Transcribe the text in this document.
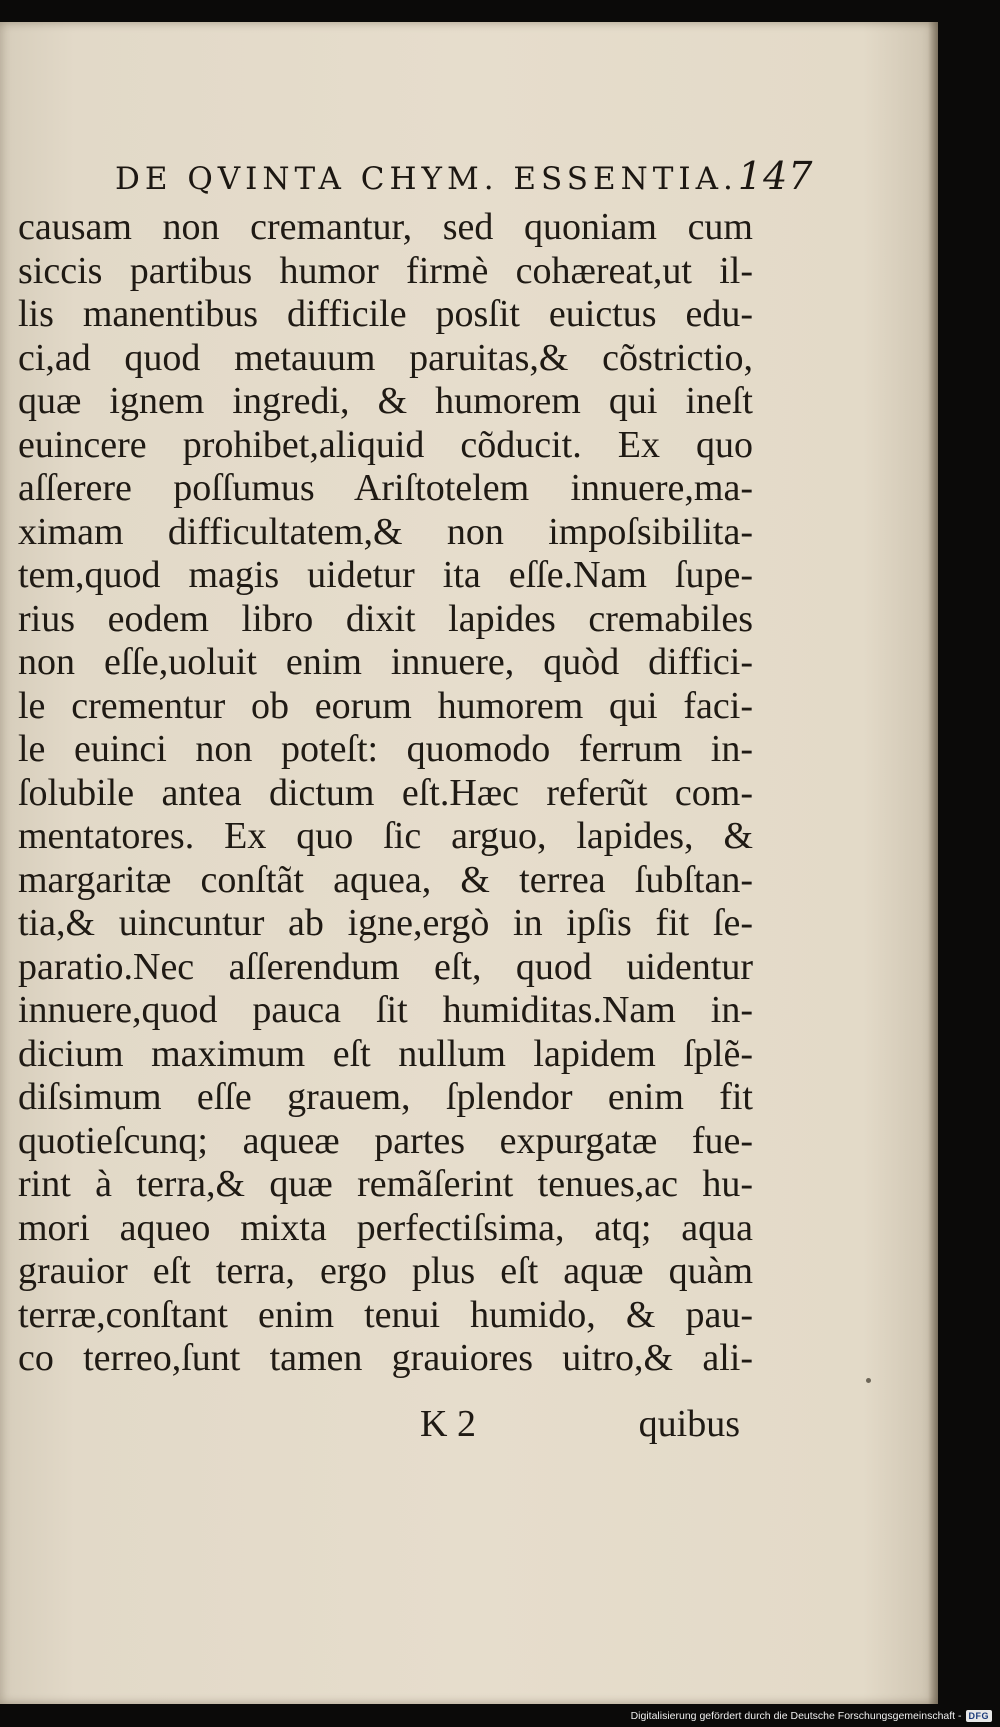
DE QVINTA CHYM. ESSENTIA. 147
causam non cremantur, sed quoniam cum
siccis partibus humor firmè cohæreat,ut il-
lis manentibus difficile posſit euictus edu-
ci,ad quod metauum paruitas,& cõstrictio,
quæ ignem ingredi, & humorem qui ineſt
euincere prohibet,aliquid cõducit. Ex quo
aſſerere poſſumus Ariſtotelem innuere,ma-
ximam difficultatem,& non impoſsibilita-
tem,quod magis uidetur ita eſſe.Nam ſupe-
rius eodem libro dixit lapides cremabiles
non eſſe,uoluit enim innuere, quòd diffici-
le crementur ob eorum humorem qui faci-
le euinci non poteſt: quomodo ferrum in-
ſolubile antea dictum eſt.Hæc referũt com-
mentatores. Ex quo ſic arguo, lapides, &
margaritæ conſtãt aquea, & terrea ſubſtan-
tia,& uincuntur ab igne,ergò in ipſis fit ſe-
paratio.Nec aſſerendum eſt, quod uidentur
innuere,quod pauca ſit humiditas.Nam in-
dicium maximum eſt nullum lapidem ſplẽ-
diſsimum eſſe grauem, ſplendor enim fit
quotieſcunq; aqueæ partes expurgatæ fue-
rint à terra,& quæ remãſerint tenues,ac hu-
mori aqueo mixta perfectiſsima, atq; aqua
grauior eſt terra, ergo plus eſt aquæ quàm
terræ,conſtant enim tenui humido, & pau-
co terreo,ſunt tamen grauiores uitro,& ali-
K 2	quibus
Digitalisierung gefördert durch die Deutsche Forschungsgemeinschaft - DFG
